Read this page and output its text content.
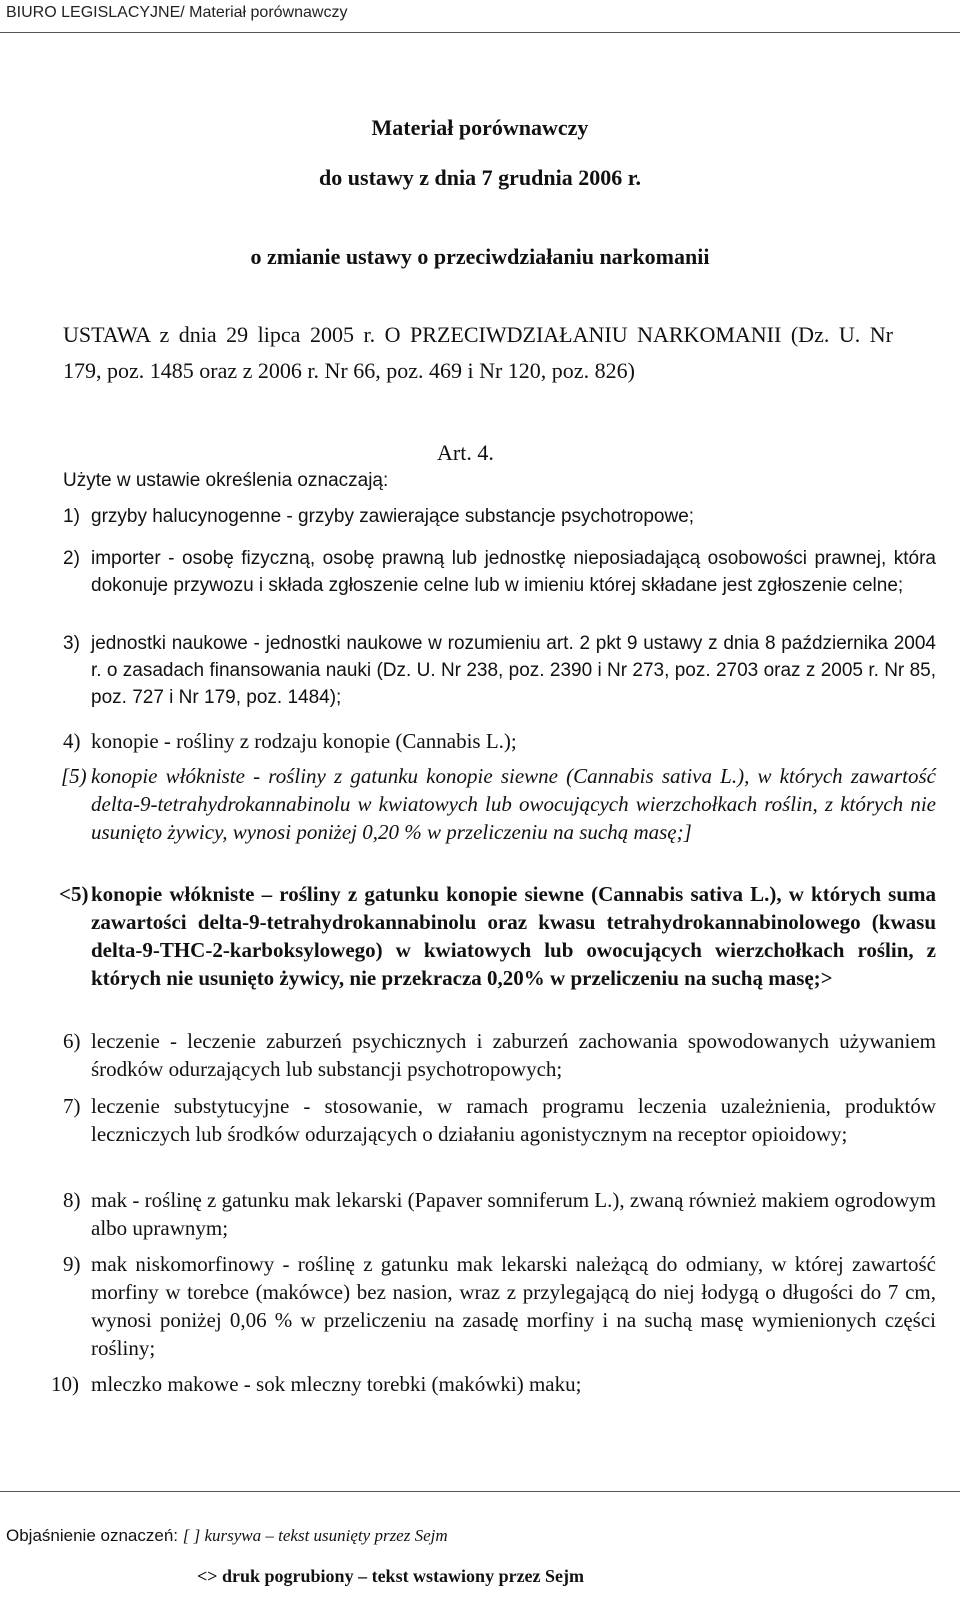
BIURO LEGISLACYJNE/ Materiał porównawczy
Materiał porównawczy
do ustawy z dnia 7 grudnia 2006 r.
o zmianie ustawy o przeciwdziałaniu narkomanii
USTAWA z dnia 29 lipca 2005 r. O PRZECIWDZIAŁANIU NARKOMANII (Dz. U. Nr
179, poz. 1485 oraz z 2006 r. Nr 66, poz. 469 i Nr 120, poz. 826)
Art. 4.
Użyte w ustawie określenia oznaczają:
1) grzyby halucynogenne - grzyby zawierające substancje psychotropowe;
2) importer - osobę fizyczną, osobę prawną lub jednostkę nieposiadającą osobowości prawnej, która dokonuje przywozu i składa zgłoszenie celne lub w imieniu której składane jest zgłoszenie celne;
3) jednostki naukowe - jednostki naukowe w rozumieniu art. 2 pkt 9 ustawy z dnia 8 października 2004 r. o zasadach finansowania nauki (Dz. U. Nr 238, poz. 2390 i Nr 273, poz. 2703 oraz z 2005 r. Nr 85, poz. 727 i Nr 179, poz. 1484);
4) konopie - rośliny z rodzaju konopie (Cannabis L.);
[5) konopie włókniste - rośliny z gatunku konopie siewne (Cannabis sativa L.), w których zawartość delta-9-tetrahydrokannabinolu w kwiatowych lub owocujących wierzchołkach roślin, z których nie usunięto żywicy, wynosi poniżej 0,20 % w przeliczeniu na suchą masę;]
<5) konopie włókniste – rośliny z gatunku konopie siewne (Cannabis sativa L.), w których suma zawartości delta-9-tetrahydrokannabinolu oraz kwasu tetrahydrokannabinolowego (kwasu delta-9-THC-2-karboksylowego) w kwiatowych lub owocujących wierzchołkach roślin, z których nie usunięto żywicy, nie przekracza 0,20% w przeliczeniu na suchą masę;>
6) leczenie - leczenie zaburzeń psychicznych i zaburzeń zachowania spowodowanych używaniem środków odurzających lub substancji psychotropowych;
7) leczenie substytucyjne - stosowanie, w ramach programu leczenia uzależnienia, produktów leczniczych lub środków odurzających o działaniu agonistycznym na receptor opioidowy;
8) mak - roślinę z gatunku mak lekarski (Papaver somniferum L.), zwaną również makiem ogrodowym albo uprawnym;
9) mak niskomorfinowy - roślinę z gatunku mak lekarski należącą do odmiany, w której zawartość morfiny w torebce (makówce) bez nasion, wraz z przylegającą do niej łodygą o długości do 7 cm, wynosi poniżej 0,06 % w przeliczeniu na zasadę morfiny i na suchą masę wymienionych części rośliny;
10) mleczko makowe - sok mleczny torebki (makówki) maku;
Objaśnienie oznaczeń: [ ] kursywa – tekst usunięty przez Sejm
<> druk pogrubiony – tekst wstawiony przez Sejm
